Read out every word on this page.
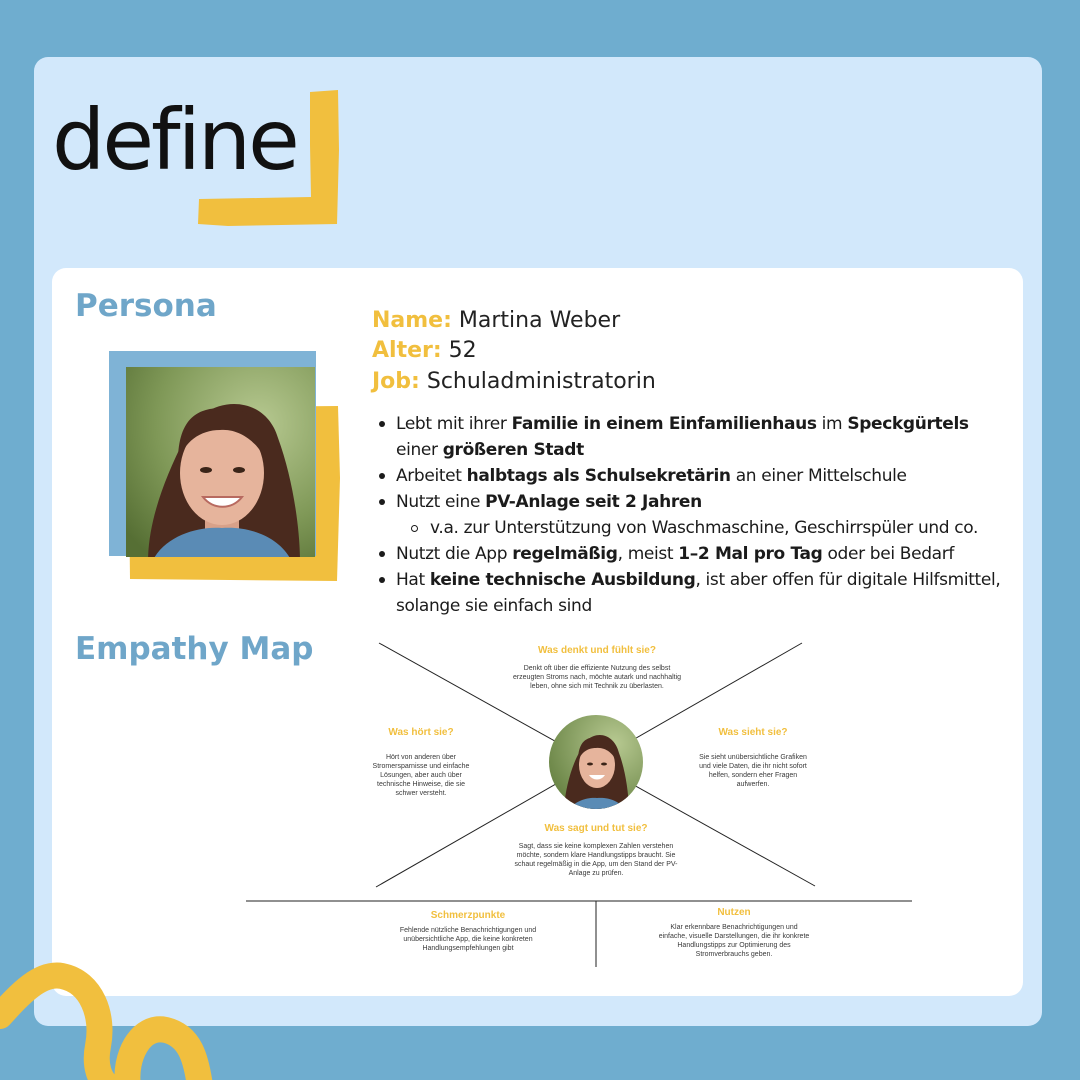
define
Persona	Name: Martina Weber

Alter: 52

Job: Schuladministratorin

Lebt mit ihrer Familie in einem Einfamilienhaus im Speckgürtels
einer größeren Stadt
Arbeitet halbtags als Schulsekretärin an einer Mittelschule
Nutzt eine PV-Anlage seit 2 Jahren
v.a. zur Unterstützung von Waschmaschine, Geschirrspüler und co.
Nutzt die App regelmäßig, meist 1–2 Mal pro Tag oder bei Bedarf
Hat keine technische Ausbildung, ist aber offen für digitale Hilfsmittel,
solange sie einfach sind
Empathy Map	Was denkt und fühlt sie?
Denkt oft über die effiziente Nutzung des selbst erzeugten Stroms nach, möchte autark und nachhaltig leben, ohne sich mit Technik zu überlasten.
Was hört sie?
Hört von anderen über Stromersparnisse und einfache Lösungen, aber auch über technische Hinweise, die sie schwer versteht.
Was sieht sie?
Sie sieht unübersichtliche Grafiken und viele Daten, die ihr nicht sofort helfen, sondern eher Fragen aufwerfen.
Was sagt und tut sie?
Sagt, dass sie keine komplexen Zahlen verstehen möchte, sondern klare Handlungstipps braucht. Sie schaut regelmäßig in die App, um den Stand der PV-Anlage zu prüfen.
Schmerzpunkte
Fehlende nützliche Benachrichtigungen und unübersichtliche App, die keine konkreten Handlungsempfehlungen gibt
Nutzen
Klar erkennbare Benachrichtigungen und einfache, visuelle Darstellungen, die ihr konkrete Handlungstipps zur Optimierung des Stromverbrauchs geben.
